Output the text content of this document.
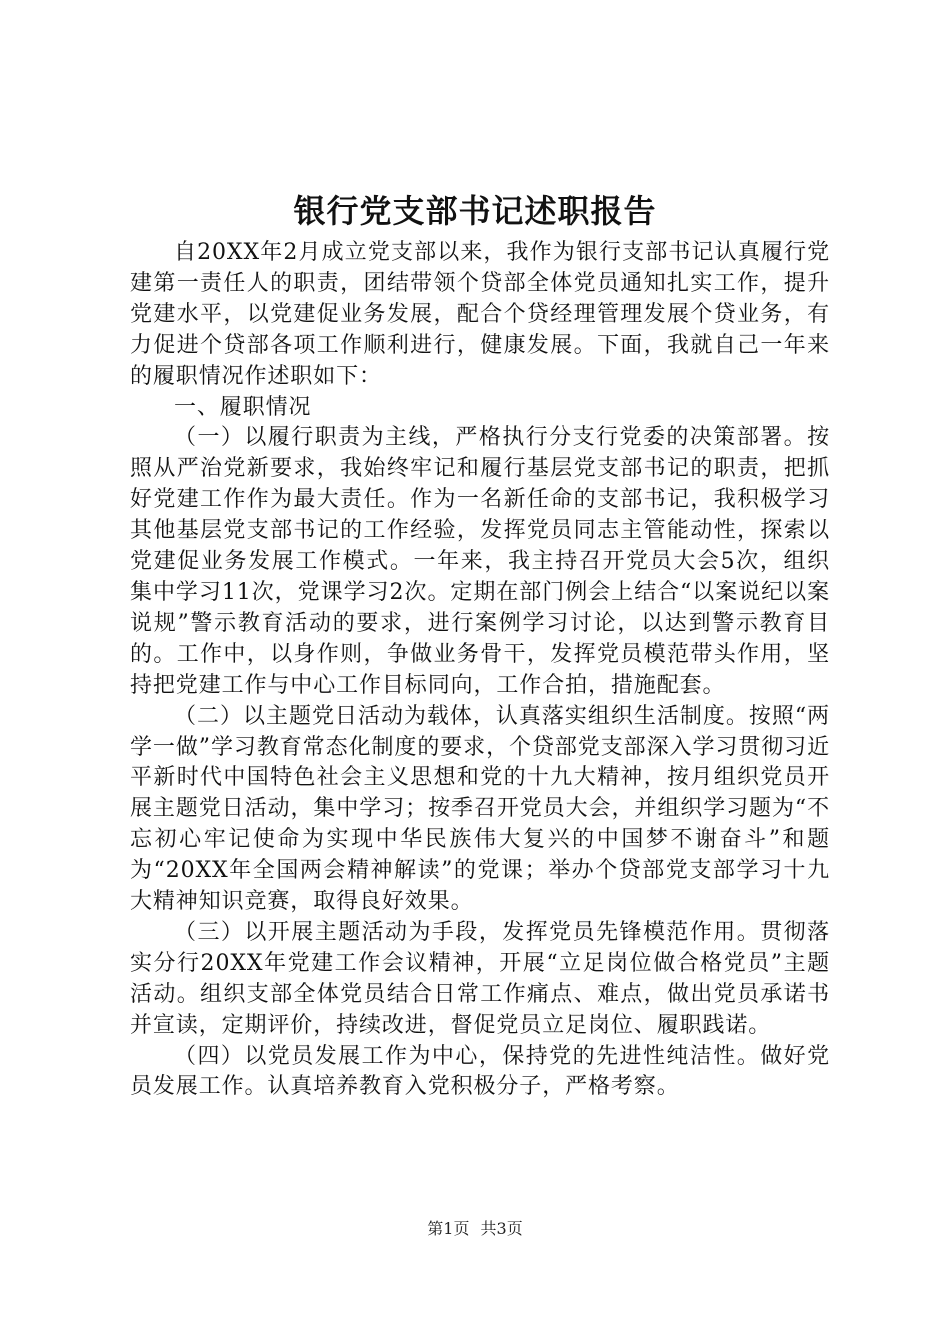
银行党支部书记述职报告

自20XX年2月成立党支部以来，我作为银行支部书记认真履行党建第一责任人的职责，团结带领个贷部全体党员通知扎实工作，提升党建水平，以党建促业务发展，配合个贷经理管理发展个贷业务，有力促进个贷部各项工作顺利进行，健康发展。下面，我就自己一年来的履职情况作述职如下：

一、履职情况

（一）以履行职责为主线，严格执行分支行党委的决策部署。按照从严治党新要求，我始终牢记和履行基层党支部书记的职责，把抓好党建工作作为最大责任。作为一名新任命的支部书记，我积极学习其他基层党支部书记的工作经验，发挥党员同志主管能动性，探索以党建促业务发展工作模式。一年来，我主持召开党员大会5次，组织集中学习11次，党课学习2次。定期在部门例会上结合“以案说纪以案说规”警示教育活动的要求，进行案例学习讨论，以达到警示教育目的。工作中，以身作则，争做业务骨干，发挥党员模范带头作用，坚持把党建工作与中心工作目标同向，工作合拍，措施配套。

（二）以主题党日活动为载体，认真落实组织生活制度。按照“两学一做”学习教育常态化制度的要求，个贷部党支部深入学习贯彻习近平新时代中国特色社会主义思想和党的十九大精神，按月组织党员开展主题党日活动，集中学习；按季召开党员大会，并组织学习题为“不忘初心牢记使命为实现中华民族伟大复兴的中国梦不谢奋斗”和题为“20XX年全国两会精神解读”的党课；举办个贷部党支部学习十九大精神知识竞赛，取得良好效果。

（三）以开展主题活动为手段，发挥党员先锋模范作用。贯彻落实分行20XX年党建工作会议精神，开展“立足岗位做合格党员”主题活动。组织支部全体党员结合日常工作痛点、难点，做出党员承诺书并宣读，定期评价，持续改进，督促党员立足岗位、履职践诺。

（四）以党员发展工作为中心，保持党的先进性纯洁性。做好党员发展工作。认真培养教育入党积极分子，严格考察。

第1页 共3页
